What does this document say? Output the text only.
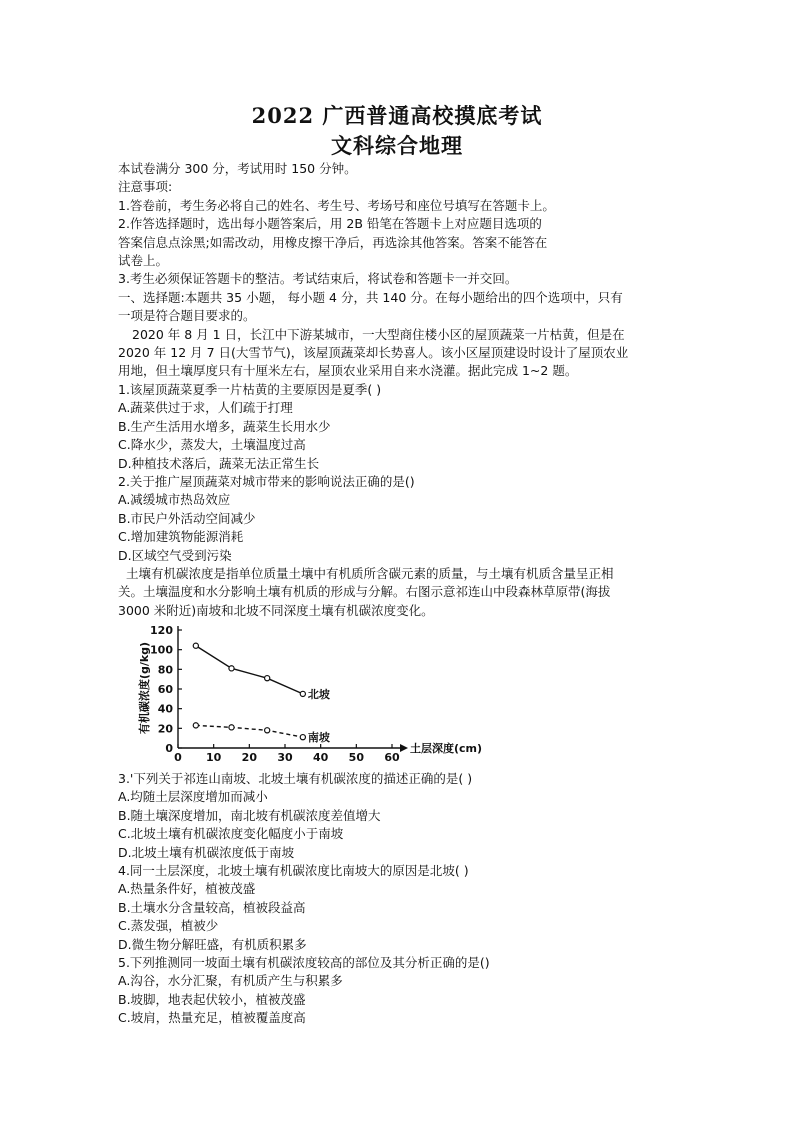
2022 广西普通高校摸底考试
文科综合地理

本试卷满分 300 分，考试用时 150 分钟。

注意事项:

1.答卷前，考生务必将自己的姓名、考生号、考场号和座位号填写在答题卡上。

2.作答选择题时，选出每小题答案后，用 2B 铅笔在答题卡上对应题目选项的

答案信息点涂黑;如需改动，用橡皮擦干净后，再选涂其他答案。答案不能答在

试卷上。

3.考生必须保证答题卡的整洁。考试结束后，将试卷和答题卡一并交回。

一、选择题:本题共 35 小题， 每小题 4 分，共 140 分。在每小题给出的四个选项中，只有

一项是符合题目要求的。

2020 年 8 月 1 日，长江中下游某城市，一大型商住楼小区的屋顶蔬菜一片枯黄，但是在

2020 年 12 月 7 日(大雪节气)，该屋顶蔬菜却长势喜人。该小区屋顶建设时设计了屋顶农业

用地，但土壤厚度只有十厘米左右，屋顶农业采用自来水浇灌。据此完成 1~2 题。

1.该屋顶蔬菜夏季一片枯黄的主要原因是夏季( )

A.蔬菜供过于求，人们疏于打理

B.生产生活用水增多，蔬菜生长用水少

C.降水少，蒸发大，土壤温度过高

D.种植技术落后，蔬菜无法正常生长

2.关于推广屋顶蔬菜对城市带来的影响说法正确的是()

A.减缓城市热岛效应

B.市民户外活动空间减少

C.增加建筑物能源消耗

D.区域空气受到污染

土壤有机碳浓度是指单位质量土壤中有机质所含碳元素的质量，与土壤有机质含量呈正相

关。土壤温度和水分影响土壤有机质的形成与分解。右图示意祁连山中段森林草原带(海拔

3000 米附近)南坡和北坡不同深度土壤有机碳浓度变化。

0 10 20 30 40 50 60
0
20
40
60
80
100
120
有机碳浓度(g/kg)
土层深度(cm)
北坡
南坡

3.'下列关于祁连山南坡、北坡土壤有机碳浓度的描述正确的是( )

A.均随土层深度增加而减小

B.随土壤深度增加，南北坡有机碳浓度差值增大

C.北坡土壤有机碳浓度变化幅度小于南坡

D.北坡土壤有机碳浓度低于南坡

4.同一土层深度，北坡土壤有机碳浓度比南坡大的原因是北坡( )

A.热量条件好，植被茂盛

B.土壤水分含量较高，植被段益高

C.蒸发强，植被少

D.微生物分解旺盛，有机质积累多

5.下列推测同一坡面土壤有机碳浓度较高的部位及其分析正确的是()

A.沟谷，水分汇聚，有机质产生与积累多

B.坡脚，地表起伏较小，植被茂盛

C.坡肩，热量充足，植被覆盖度高
